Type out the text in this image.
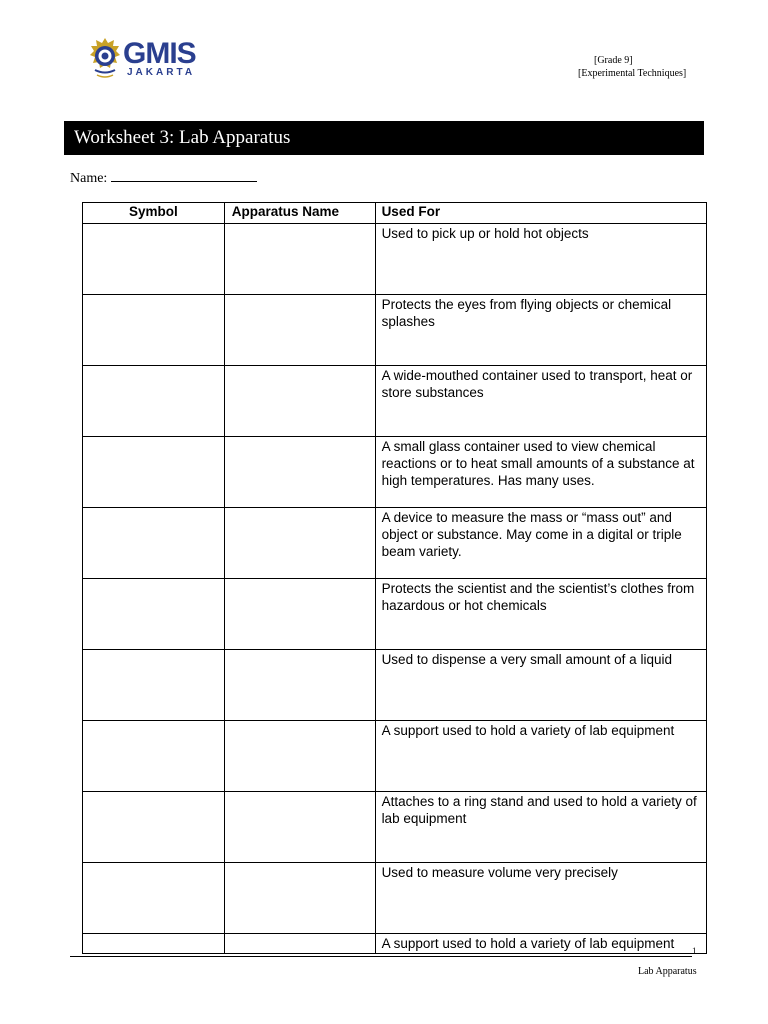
GMIS
JAKARTA
[Grade 9]
[Experimental Techniques]
Worksheet 3: Lab Apparatus
Name:
Symbol	Apparatus Name	Used For
		Used to pick up or hold hot objects
		Protects the eyes from flying objects or chemical splashes
		A wide-mouthed container used to transport, heat or store substances
		A small glass container used to view chemical reactions or to heat small amounts of a substance at high temperatures. Has many uses.
		A device to measure the mass or “mass out” and object or substance. May come in a digital or triple beam variety.
		Protects the scientist and the scientist’s clothes from hazardous or hot chemicals
		Used to dispense a very small amount of a liquid
		A support used to hold a variety of lab equipment
		Attaches to a ring stand and used to hold a variety of lab equipment
		Used to measure volume very precisely
		A support used to hold a variety of lab equipment 1
Lab Apparatus
